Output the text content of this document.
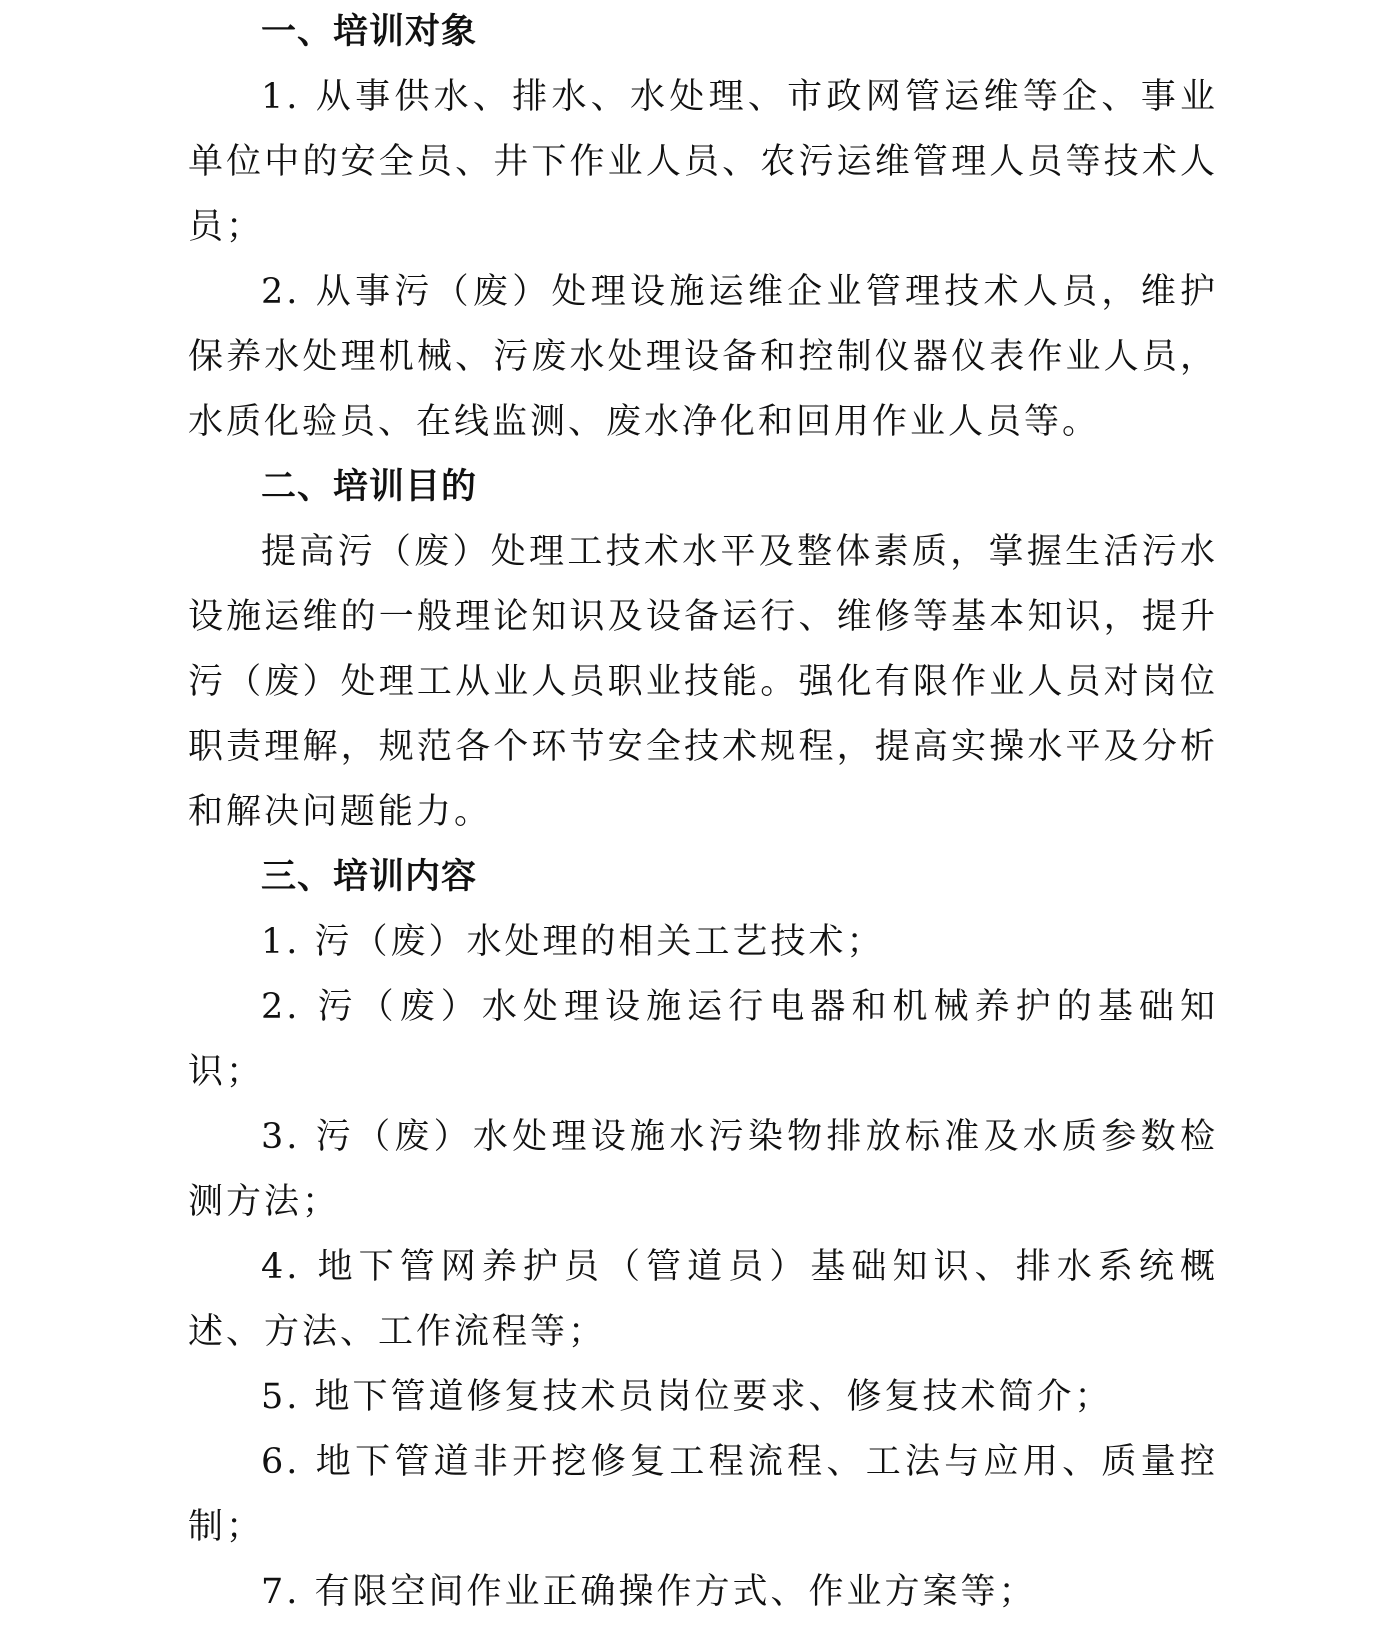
一、培训对象

1. 从事供水、排水、水处理、市政网管运维等企、事业单位中的安全员、井下作业人员、农污运维管理人员等技术人员；

2. 从事污（废）处理设施运维企业管理技术人员，维护保养水处理机械、污废水处理设备和控制仪器仪表作业人员，水质化验员、在线监测、废水净化和回用作业人员等。

二、培训目的

提高污（废）处理工技术水平及整体素质，掌握生活污水设施运维的一般理论知识及设备运行、维修等基本知识，提升污（废）处理工从业人员职业技能。强化有限作业人员对岗位职责理解，规范各个环节安全技术规程，提高实操水平及分析和解决问题能力。

三、培训内容

1. 污（废）水处理的相关工艺技术；

2. 污（废）水处理设施运行电器和机械养护的基础知识；

3. 污（废）水处理设施水污染物排放标准及水质参数检测方法；

4. 地下管网养护员（管道员）基础知识、排水系统概述、方法、工作流程等；

5. 地下管道修复技术员岗位要求、修复技术简介；

6. 地下管道非开挖修复工程流程、工法与应用、质量控制；

7. 有限空间作业正确操作方式、作业方案等；
